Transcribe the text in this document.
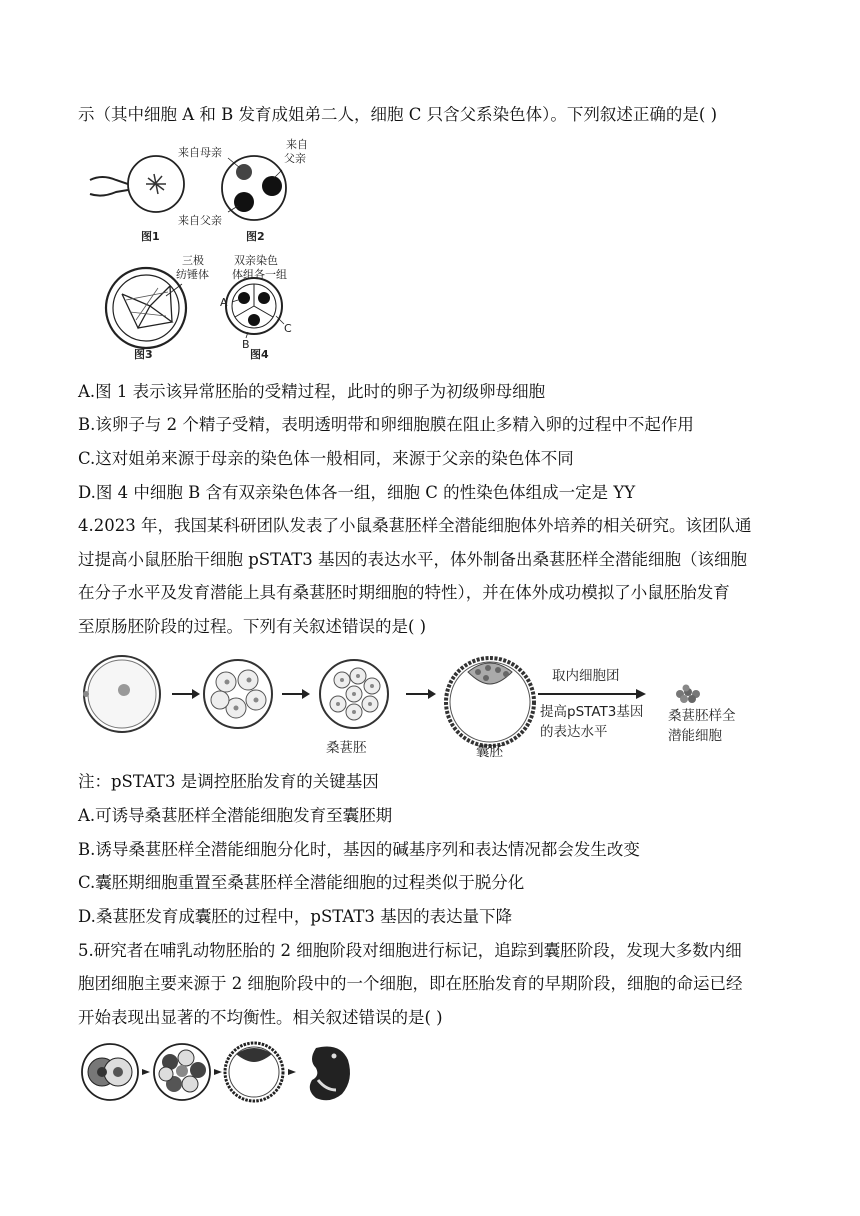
示（其中细胞 A 和 B 发育成姐弟二人，细胞 C 只含父系染色体）。下列叙述正确的是( )
图1
来自母亲
来自
父亲
来自父亲
图2
三极
纺锤体
图3
双亲染色
体组各一组
A
C
B
图4
A.图 1 表示该异常胚胎的受精过程，此时的卵子为初级卵母细胞
B.该卵子与 2 个精子受精，表明透明带和卵细胞膜在阻止多精入卵的过程中不起作用
C.这对姐弟来源于母亲的染色体一般相同，来源于父亲的染色体不同
D.图 4 中细胞 B 含有双亲染色体各一组，细胞 C 的性染色体组成一定是 YY
4.2023 年，我国某科研团队发表了小鼠桑葚胚样全潜能细胞体外培养的相关研究。该团队通
过提高小鼠胚胎干细胞 pSTAT3 基因的表达水平，体外制备出桑葚胚样全潜能细胞（该细胞
在分子水平及发育潜能上具有桑葚胚时期细胞的特性），并在体外成功模拟了小鼠胚胎发育
至原肠胚阶段的过程。下列有关叙述错误的是( )
桑葚胚	囊胚
取内细胞团
提高pSTAT3基因
的表达水平
桑葚胚样全
潜能细胞
注：pSTAT3 是调控胚胎发育的关键基因
A.可诱导桑葚胚样全潜能细胞发育至囊胚期
B.诱导桑葚胚样全潜能细胞分化时，基因的碱基序列和表达情况都会发生改变
C.囊胚期细胞重置至桑葚胚样全潜能细胞的过程类似于脱分化
D.桑葚胚发育成囊胚的过程中，pSTAT3 基因的表达量下降
5.研究者在哺乳动物胚胎的 2 细胞阶段对细胞进行标记，追踪到囊胚阶段，发现大多数内细
胞团细胞主要来源于 2 细胞阶段中的一个细胞，即在胚胎发育的早期阶段，细胞的命运已经
开始表现出显著的不均衡性。相关叙述错误的是( )
